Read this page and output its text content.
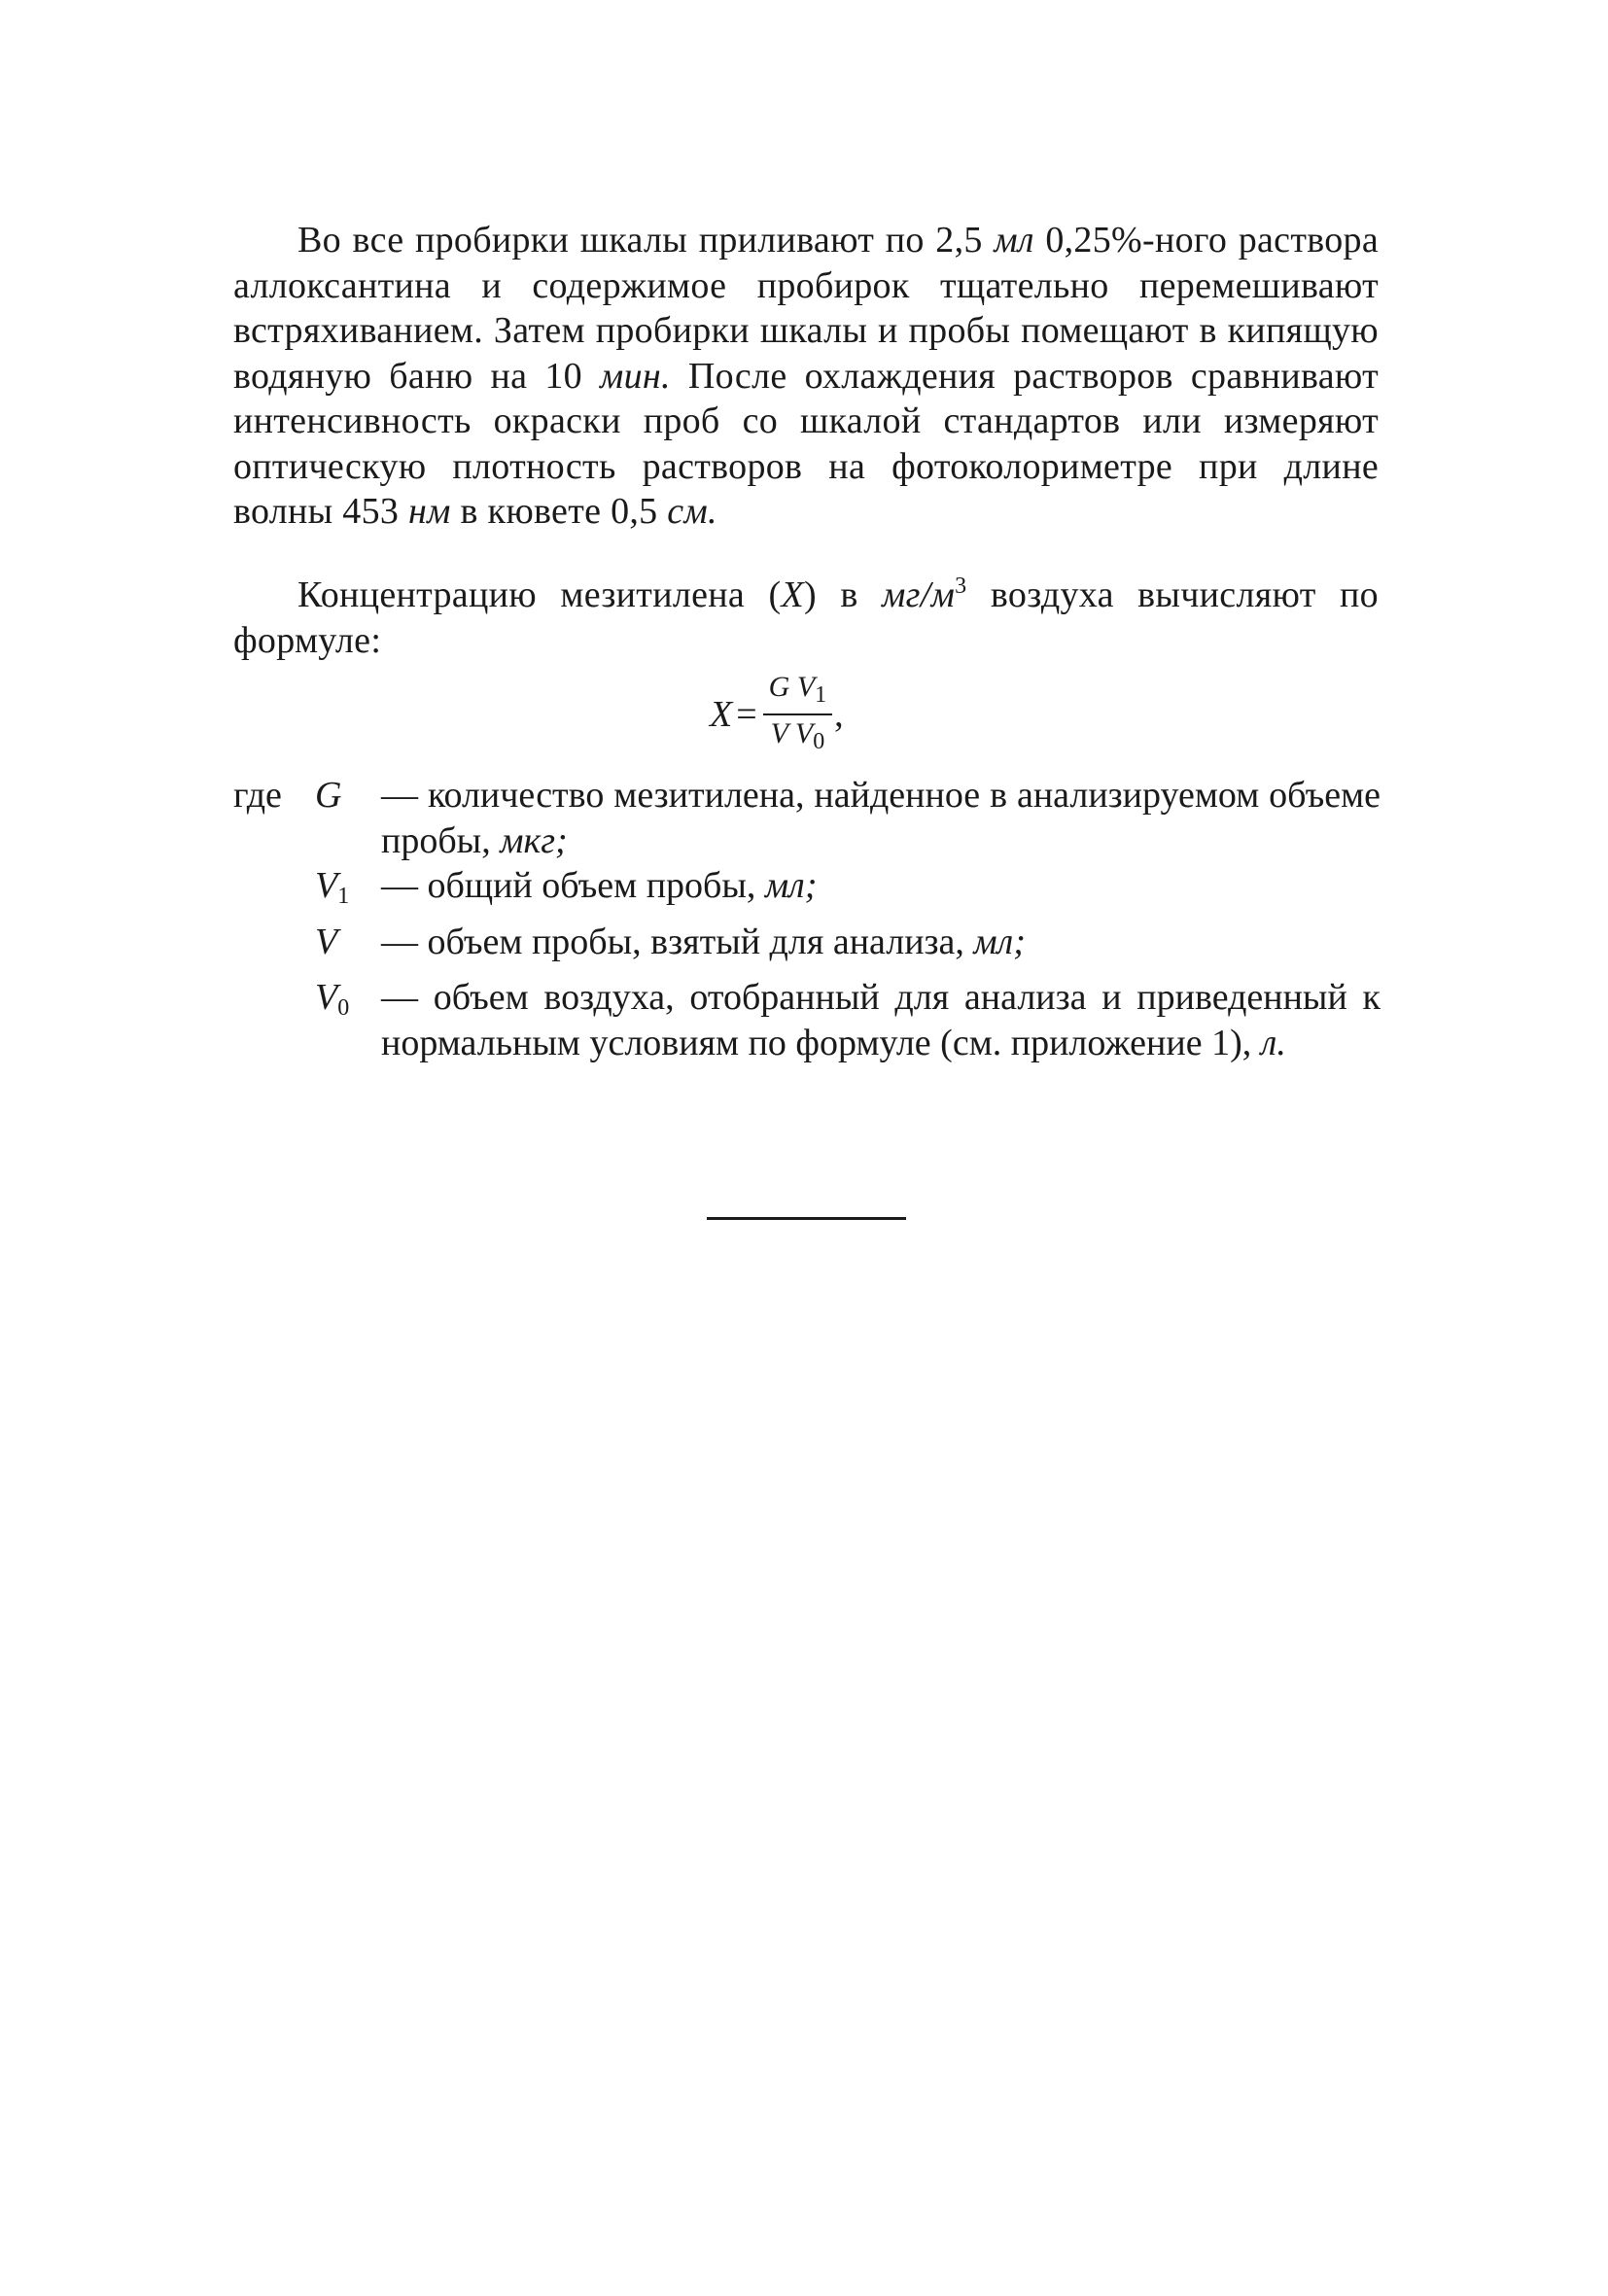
Во все пробирки шкалы приливают по 2,5 мл 0,25%-ного раствора аллоксантина и содержимое пробирок тщательно перемешивают встряхиванием. Затем пробирки шкалы и пробы помещают в кипящую водяную баню на 10 мин. После охлаждения растворов сравнивают интенсивность окраски проб со шкалой стандартов или измеряют оптическую плотность растворов на фотоколориметре при длине волны 453 нм в кювете 0,5 см.

Концентрацию мезитилена (X) в $мг/м^3$ воздуха вычисляют по формуле:

$X = \frac{G V_1}{V V_0}$ ,
где G	— количество мезитилена, найденное в анализируемом объеме пробы, мкг;
$V_1$ — общий объем пробы, мл;
V	— объем пробы, взятый для анализа, мл;
$V_0$ — объем воздуха, отобранный для анализа и приведенный к нормальным условиям по формуле (см. приложение 1), л.
